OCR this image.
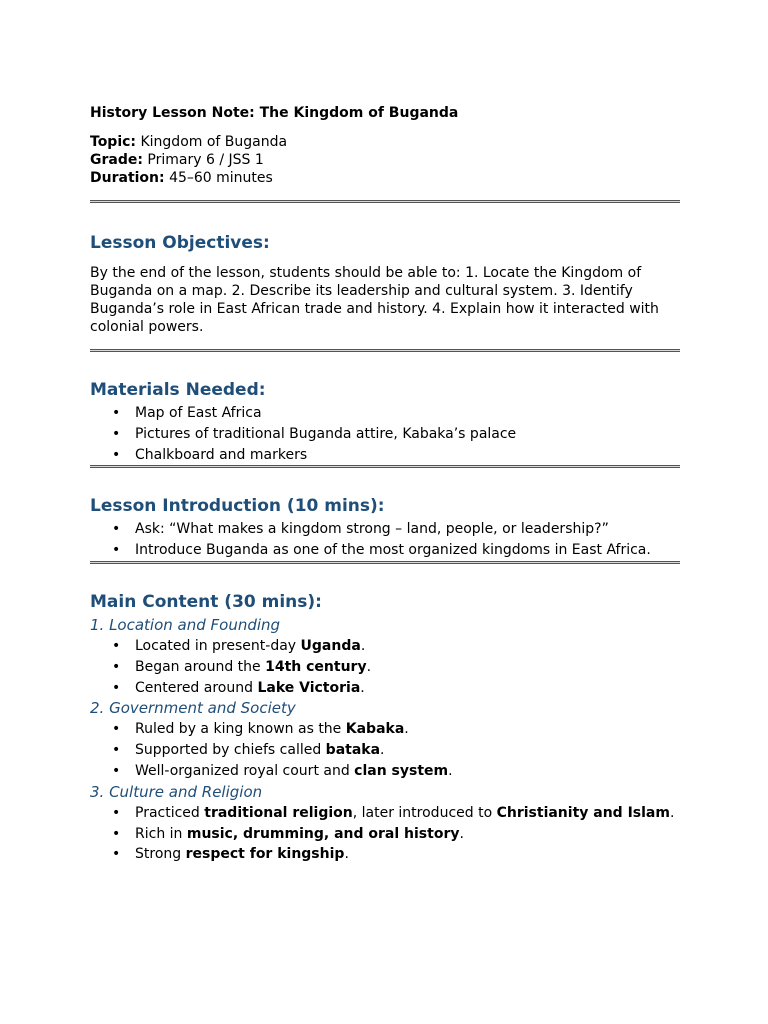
History Lesson Note: The Kingdom of Buganda
Topic: Kingdom of Buganda
Grade: Primary 6 / JSS 1
Duration: 45–60 minutes
Lesson Objectives:

By the end of the lesson, students should be able to: 1. Locate the Kingdom of Buganda on a map. 2. Describe its leadership and cultural system. 3. Identify Buganda’s role in East African trade and history. 4. Explain how it interacted with colonial powers.

Materials Needed:
• Map of East Africa
• Pictures of traditional Buganda attire, Kabaka’s palace
• Chalkboard and markers
Lesson Introduction (10 mins):
• Ask: “What makes a kingdom strong – land, people, or leadership?”
• Introduce Buganda as one of the most organized kingdoms in East Africa.
Main Content (30 mins):
1. Location and Founding
• Located in present-day Uganda.
• Began around the 14th century.
• Centered around Lake Victoria.
2. Government and Society
• Ruled by a king known as the Kabaka.
• Supported by chiefs called bataka.
• Well-organized royal court and clan system.
3. Culture and Religion
• Practiced traditional religion, later introduced to Christianity and Islam.
• Rich in music, drumming, and oral history.
• Strong respect for kingship.
